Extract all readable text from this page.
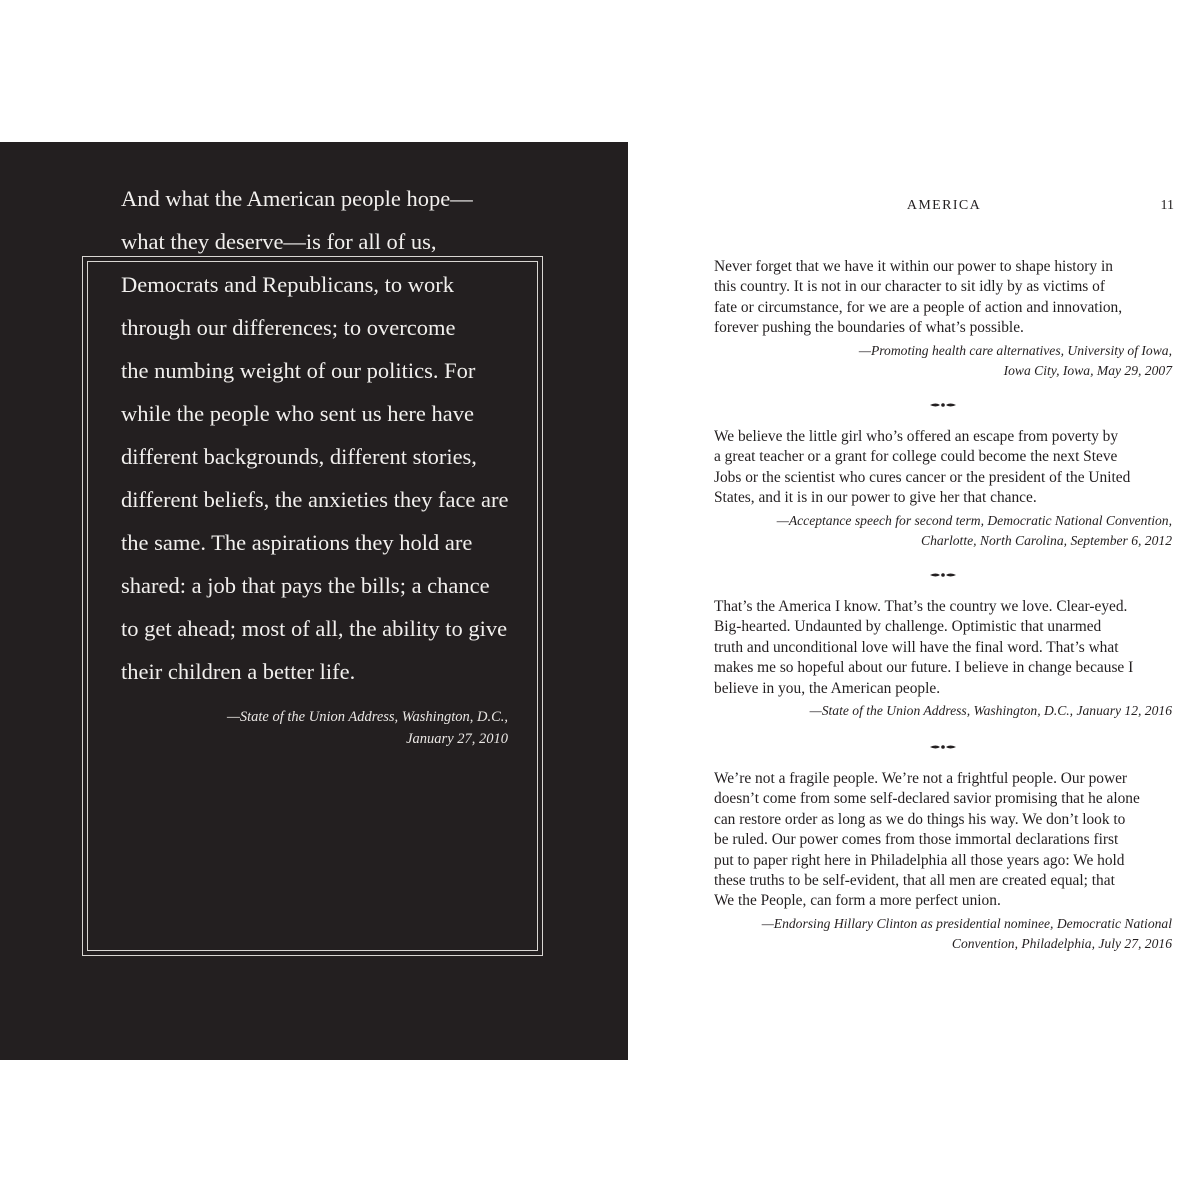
And what the American people hope—
what they deserve—is for all of us,
Democrats and Republicans, to work
through our differences; to overcome
the numbing weight of our politics. For
while the people who sent us here have
different backgrounds, different stories,
different beliefs, the anxieties they face are
the same. The aspirations they hold are
shared: a job that pays the bills; a chance
to get ahead; most of all, the ability to give
their children a better life.

—State of the Union Address, Washington, D.C.,
January 27, 2010

AMERICA	11

Never forget that we have it within our power to shape history in
this country. It is not in our character to sit idly by as victims of
fate or circumstance, for we are a people of action and innovation,
forever pushing the boundaries of what’s possible.

—Promoting health care alternatives, University of Iowa,
Iowa City, Iowa, May 29, 2007

We believe the little girl who’s offered an escape from poverty by
a great teacher or a grant for college could become the next Steve
Jobs or the scientist who cures cancer or the president of the United
States, and it is in our power to give her that chance.

—Acceptance speech for second term, Democratic National Convention,
Charlotte, North Carolina, September 6, 2012

That’s the America I know. That’s the country we love. Clear-eyed.
Big-hearted. Undaunted by challenge. Optimistic that unarmed
truth and unconditional love will have the final word. That’s what
makes me so hopeful about our future. I believe in change because I
believe in you, the American people.

—State of the Union Address, Washington, D.C., January 12, 2016

We’re not a fragile people. We’re not a frightful people. Our power
doesn’t come from some self-declared savior promising that he alone
can restore order as long as we do things his way. We don’t look to
be ruled. Our power comes from those immortal declarations first
put to paper right here in Philadelphia all those years ago: We hold
these truths to be self-evident, that all men are created equal; that
We the People, can form a more perfect union.

—Endorsing Hillary Clinton as presidential nominee, Democratic National
Convention, Philadelphia, July 27, 2016
